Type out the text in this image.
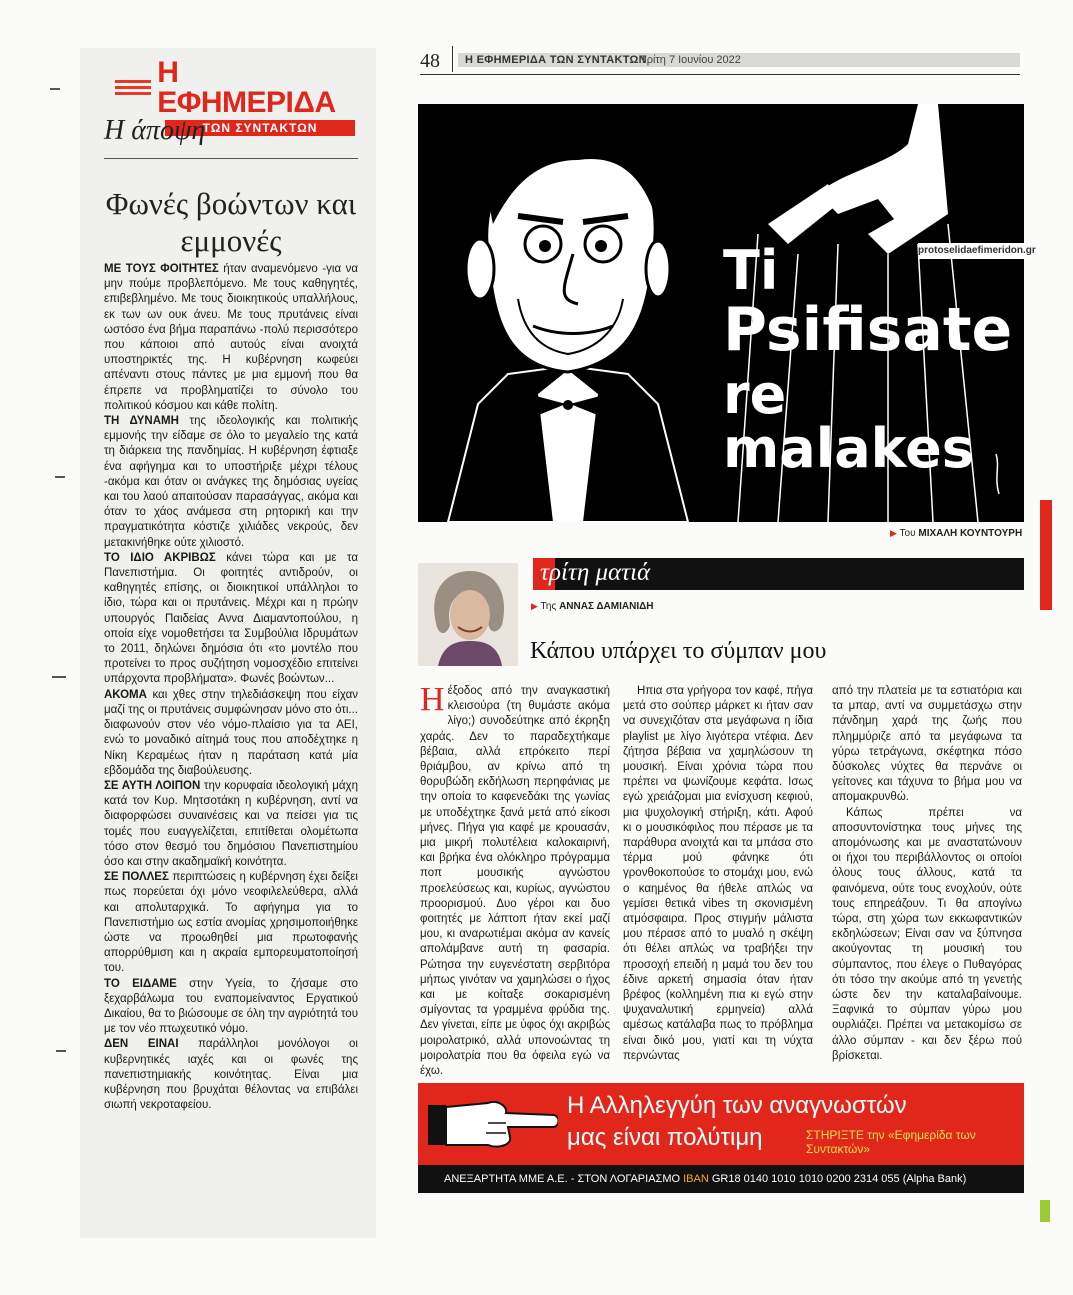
Η ΕΦΗΜΕΡΙΔΑ
ΤΩΝ ΣΥΝΤΑΚΤΩΝ
Η άποψη
Φωνές βοώντων και εμμονές

ΜΕ ΤΟΥΣ ΦΟΙΤΗΤΕΣ ήταν αναμενόμενο -για να μην πούμε προβλεπόμενο. Με τους καθηγητές, επιβεβλημένο. Με τους διοικητικούς υπαλλήλους, εκ των ων ουκ άνευ. Με τους πρυτάνεις είναι ωστόσο ένα βήμα παραπάνω -πολύ περισσότερο που κάποιοι από αυτούς είναι ανοιχτά υποστηρικτές της. Η κυβέρνηση κωφεύει απέναντι στους πάντες με μια εμμονή που θα έπρεπε να προβληματίζει το σύνολο του πολιτικού κόσμου και κάθε πολίτη.

ΤΗ ΔΥΝΑΜΗ της ιδεολογικής και πολιτικής εμμονής την είδαμε σε όλο το μεγαλείο της κατά τη διάρκεια της πανδημίας. Η κυβέρνηση έφτιαξε ένα αφήγημα και το υποστήριξε μέχρι τέλους -ακόμα και όταν οι ανάγκες της δημόσιας υγείας και του λαού απαιτούσαν παρασάγγας, ακόμα και όταν το χάος ανάμεσα στη ρητορική και την πραγματικότητα κόστιζε χιλιάδες νεκρούς, δεν μετακινήθηκε ούτε χιλιοστό.

ΤΟ ΙΔΙΟ ΑΚΡΙΒΩΣ κάνει τώρα και με τα Πανεπιστήμια. Οι φοιτητές αντιδρούν, οι καθηγητές επίσης, οι διοικητικοί υπάλληλοι το ίδιο, τώρα και οι πρυτάνεις. Μέχρι και η πρώην υπουργός Παιδείας Αννα Διαμαντοπούλου, η οποία είχε νομοθετήσει τα Συμβούλια Ιδρυμάτων το 2011, δηλώνει δημόσια ότι «το μοντέλο που προτείνει το προς συζήτηση νομοσχέδιο επιτείνει υπάρχοντα προβλήματα». Φωνές βοώντων...

ΑΚΟΜΑ και χθες στην τηλεδιάσκεψη που είχαν μαζί της οι πρυτάνεις συμφώνησαν μόνο στο ότι... διαφωνούν στον νέο νόμο-πλαίσιο για τα ΑΕΙ, ενώ το μοναδικό αίτημά τους που αποδέχτηκε η Νίκη Κεραμέως ήταν η παράταση κατά μία εβδομάδα της διαβούλευσης.

ΣΕ ΑΥΤΗ ΛΟΙΠΟΝ την κορυφαία ιδεολογική μάχη κατά τον Κυρ. Μητσοτάκη η κυβέρνηση, αντί να διαφορφώσει συναινέσεις και να πείσει για τις τομές που ευαγγελίζεται, επιτίθεται ολομέτωπα τόσο στον θεσμό του δημόσιου Πανεπιστημίου όσο και στην ακαδημαϊκή κοινότητα.

ΣΕ ΠΟΛΛΕΣ περιπτώσεις η κυβέρνηση έχει δείξει πως πορεύεται όχι μόνο νεοφιλελεύθερα, αλλά και απολυταρχικά. Το αφήγημα για το Πανεπιστήμιο ως εστία ανομίας χρησιμοποιήθηκε ώστε να προωθηθεί μια πρωτοφανής απορρύθμιση και η ακραία εμπορευματοποίησή του.

ΤΟ ΕΙΔΑΜΕ στην Υγεία, το ζήσαμε στο ξεχαρβάλωμα του εναπομείναντος Εργατικού Δικαίου, θα το βιώσουμε σε όλη την αγριότητά του με τον νέο πτωχευτικό νόμο.

ΔΕΝ ΕΙΝΑΙ παράλληλοι μονόλογοι οι κυβερνητικές ιαχές και οι φωνές της πανεπιστημιακής κοινότητας. Είναι μια κυβέρνηση που βρυχάται θέλοντας να επιβάλει σιωπή νεκροταφείου.

48 Η ΕΦΗΜΕΡΙΔΑ ΤΩΝ ΣΥΝΤΑΚΤΩΝ
Τρίτη 7 Ιουνίου 2022
Ti
Psifisate
re malakes
protoselidaefimeridon.gr
▶ Του ΜΙΧΑΛΗ ΚΟΥΝΤΟΥΡΗ
τρίτη ματιά
▶ Της ΑΝΝΑΣ ΔΑΜΙΑΝΙΔΗ
Κάπου υπάρχει το σύμπαν μου

Ηέξοδος από την αναγκαστική κλεισούρα (τη θυμάστε ακόμα λίγο;) συνοδεύτηκε από έκρηξη χαράς. Δεν το παραδεχτήκαμε βέβαια, αλλά επρόκειτο περί θριάμβου, αν κρίνω από τη θορυβώδη εκδήλωση περηφάνιας με την οποία το καφενεδάκι της γωνίας με υποδέχτηκε ξανά μετά από είκοσι μήνες. Πήγα για καφέ με κρουασάν, μια μικρή πολυτέλεια καλοκαιρινή, και βρήκα ένα ολόκληρο πρόγραμμα ποπ μουσικής αγνώστου προελεύσεως και, κυρίως, αγνώστου προορισμού. Δυο γέροι και δυο φοιτητές με λάπτοπ ήταν εκεί μαζί μου, κι αναρωτιέμαι ακόμα αν κανείς απολάμβανε αυτή τη φασαρία. Ρώτησα την ευγενέστατη σερβιτόρα μήπως γινόταν να χαμηλώσει ο ήχος και με κοίταξε σοκαρισμένη σμίγοντας τα γραμμένα φρύδια της. Δεν γίνεται, είπε με ύφος όχι ακριβώς μοιρολατρικό, αλλά υπονοώντας τη μοιρολατρία που θα όφειλα εγώ να έχω.

Ηπια στα γρήγορα τον καφέ, πήγα μετά στο σούπερ μάρκετ κι ήταν σαν να συνεχιζόταν στα μεγάφωνα η ίδια playlist με λίγο λιγότερα ντέφια. Δεν ζήτησα βέβαια να χαμηλώσουν τη μουσική. Είναι χρόνια τώρα που πρέπει να ψωνίζουμε κεφάτα. Ισως εγώ χρειάζομαι μια ενίσχυση κεφιού, μια ψυχολογική στήριξη, κάτι. Αφού κι ο μουσικόφιλος που πέρασε με τα παράθυρα ανοιχτά και τα μπάσα στο τέρμα μού φάνηκε ότι γρονθοκοπούσε το στομάχι μου, ενώ ο καημένος θα ήθελε απλώς να γεμίσει θετικά vibes τη σκονισμένη ατμόσφαιρα. Προς στιγμήν μάλιστα μου πέρασε από το μυαλό η σκέψη ότι θέλει απλώς να τραβήξει την προσοχή επειδή η μαμά του δεν του έδινε αρκετή σημασία όταν ήταν βρέφος (κολλημένη πια κι εγώ στην ψυχαναλυτική ερμηνεία) αλλά αμέσως κατάλαβα πως το πρόβλημα είναι δικό μου, γιατί και τη νύχτα περνώντας

από την πλατεία με τα εστιατόρια και τα μπαρ, αντί να συμμετάσχω στην πάνδημη χαρά της ζωής που πλημμύριζε από τα μεγάφωνα τα γύρω τετράγωνα, σκέφτηκα πόσο δύσκολες νύχτες θα περνάνε οι γείτονες και τάχυνα το βήμα μου να απομακρυνθώ.

Κάπως πρέπει να αποσυντονίστηκα τους μήνες της απομόνωσης και με αναστατώνουν οι ήχοι του περιβάλλοντος οι οποίοι όλους τους άλλους, κατά τα φαινόμενα, ούτε τους ενοχλούν, ούτε τους επηρεάζουν. Τι θα απογίνω τώρα, στη χώρα των εκκωφαντικών εκδηλώσεων; Είναι σαν να ξύπνησα ακούγοντας τη μουσική του σύμπαντος, που έλεγε ο Πυθαγόρας ότι τόσο την ακούμε από τη γενετής ώστε δεν την καταλαβαίνουμε. Ξαφνικά το σύμπαν γύρω μου ουρλιάζει. Πρέπει να μετακομίσω σε άλλο σύμπαν - και δεν ξέρω πού βρίσκεται.

Η Αλληλεγγύη των αναγνωστών
μας είναι πολύτιμη	ΣΤΗΡΙΞΤΕ την «Εφημερίδα των Συντακτών»
ΑΝΕΞΑΡΤΗΤΑ ΜΜΕ Α.Ε. - ΣΤΟΝ ΛΟΓΑΡΙΑΣΜΟ IBAN GR18 0140 1010 1010 0200 2314 055 (Alpha Bank)
